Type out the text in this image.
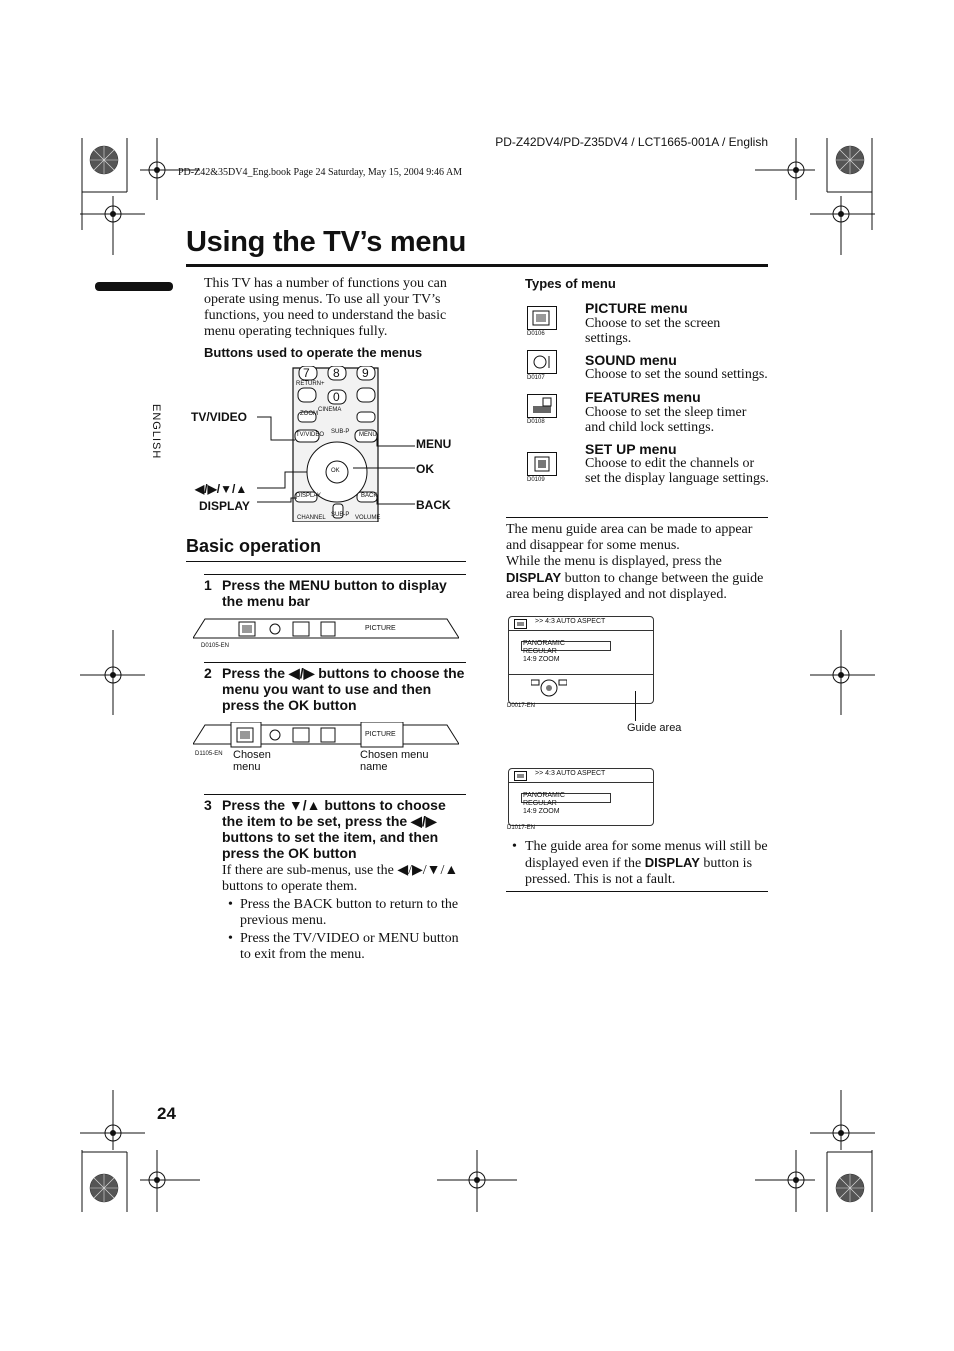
PD-Z42DV4/PD-Z35DV4 / LCT1665-001A / English
PD-Z42&35DV4_Eng.book Page 24 Saturday, May 15, 2004 9:46 AM
Using the TV’s menu
ENGLISH

This TV has a number of functions you can operate using menus. To use all your TV’s functions, you need to understand the basic menu operating techniques fully.

Buttons used to operate the menus
7 8 9
0
OK
RETURN+
ZOOM
CINEMA
TV/VIDEO SUB-P MENU
DISPLAY	BACK
CHANNEL SUB-P VOLUME
TV/VIDEO
◀/▶/▼/▲
DISPLAY
MENU
OK
BACK
Basic operation
1 Press the MENU button to display the menu bar
PICTURE
D0105-EN
2 Press the ◀/▶ buttons to choose the menu you want to use and then press the OK button
PICTURE
D1105-EN Chosen menu
Chosen menu name
3 Press the ▼/▲ buttons to choose the item to be set, press the ◀/▶ buttons to set the item, and then press the OK button

If there are sub-menus, use the ◀/▶/▼/▲ buttons to operate them.

• Press the BACK button to return to the previous menu.

• Press the TV/VIDEO or MENU button to exit from the menu.

Types of menu
D0106
PICTURE menu

Choose to set the screen settings.

D0107
SOUND menu

Choose to set the sound settings.

D0108
FEATURES menu

Choose to set the sleep timer and child lock settings.

D0109
SET UP menu

Choose to edit the channels or set the display language settings.

The menu guide area can be made to appear and disappear for some menus.

While the menu is displayed, press the DISPLAY button to change between the guide area being displayed and not displayed.

>> 4:3 AUTO ASPECT
PANORAMIC
REGULAR
14:9 ZOOM
D0017-EN
Guide area
>> 4:3 AUTO ASPECT
PANORAMIC
REGULAR
14:9 ZOOM
D1017-EN
• The guide area for some menus will still be displayed even if the DISPLAY button is pressed. This is not a fault.

24
